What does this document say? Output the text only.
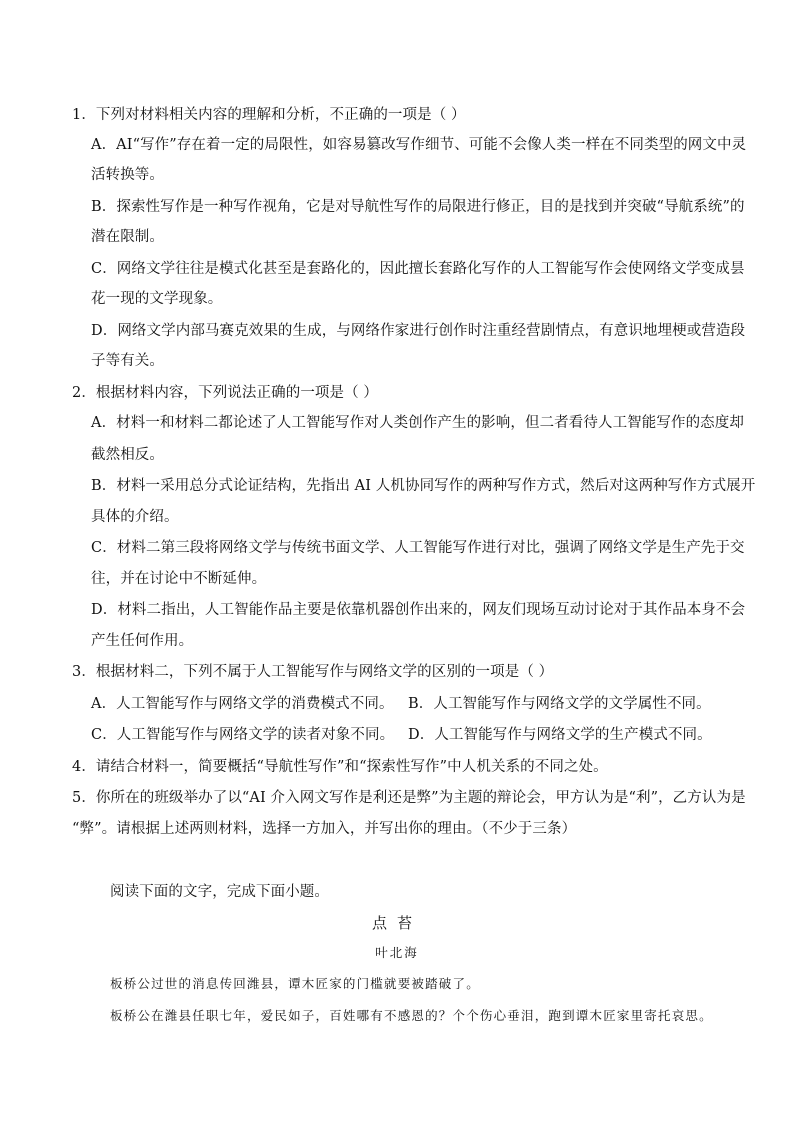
1．下列对材料相关内容的理解和分析，不正确的一项是（ ）
A．AI“写作”存在着一定的局限性，如容易篡改写作细节、可能不会像人类一样在不同类型的网文中灵
活转换等。
B．探索性写作是一种写作视角，它是对导航性写作的局限进行修正，目的是找到并突破“导航系统”的
潜在限制。
C．网络文学往往是模式化甚至是套路化的，因此擅长套路化写作的人工智能写作会使网络文学变成昙
花一现的文学现象。
D．网络文学内部马赛克效果的生成，与网络作家进行创作时注重经营剧情点，有意识地埋梗或营造段
子等有关。
2．根据材料内容，下列说法正确的一项是（ ）
A．材料一和材料二都论述了人工智能写作对人类创作产生的影响，但二者看待人工智能写作的态度却
截然相反。
B．材料一采用总分式论证结构，先指出 AI 人机协同写作的两种写作方式，然后对这两种写作方式展开
具体的介绍。
C．材料二第三段将网络文学与传统书面文学、人工智能写作进行对比，强调了网络文学是生产先于交
往，并在讨论中不断延伸。
D．材料二指出，人工智能作品主要是依靠机器创作出来的，网友们现场互动讨论对于其作品本身不会
产生任何作用。
3．根据材料二，下列不属于人工智能写作与网络文学的区别的一项是（ ）
A．人工智能写作与网络文学的消费模式不同。 B．人工智能写作与网络文学的文学属性不同。
C．人工智能写作与网络文学的读者对象不同。 D．人工智能写作与网络文学的生产模式不同。
4．请结合材料一，简要概括“导航性写作”和“探索性写作”中人机关系的不同之处。
5．你所在的班级举办了以“AI 介入网文写作是利还是弊”为主题的辩论会，甲方认为是“利”，乙方认为是
“弊”。请根据上述两则材料，选择一方加入，并写出你的理由。（不少于三条）
阅读下面的文字，完成下面小题。
点苔
叶北海
板桥公过世的消息传回潍县，谭木匠家的门槛就要被踏破了。
板桥公在潍县任职七年，爱民如子，百姓哪有不感恩的？个个伤心垂泪，跑到谭木匠家里寄托哀思。
